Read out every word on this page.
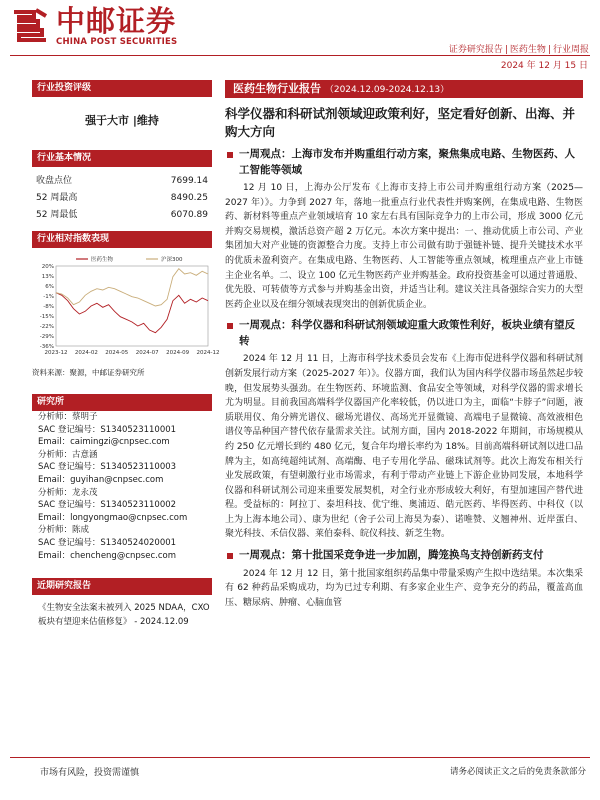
中邮证券
CHINA POST SECURITIES
证券研究报告 | 医药生物 | 行业周报
2024 年 12 月 15 日
行业投资评级
强于大市 |维持
行业基本情况
收盘点位	7699.14
52 周最高	8490.25
52 周最低	6070.89
行业相对指数表现
20%
13%
6%
-1%
-8%
-15%
-22%
-29%
-36%
2023-12 2024-02 2024-05 2024-07 2024-09 2024-12
医药生物	沪深300
资料来源：聚源，中邮证券研究所
研究所
分析师：蔡明子
SAC 登记编号：S1340523110001
Email：caimingzi@cnpsec.com
分析师：古意涵
SAC 登记编号：S1340523110003
Email：guyihan@cnpsec.com
分析师：龙永茂
SAC 登记编号：S1340523110002
Email：longyongmao@cnpsec.com
分析师：陈成
SAC 登记编号：S1340524020001
Email：chencheng@cnpsec.com
近期研究报告
《生物安全法案未被列入 2025 NDAA，CXO 板块有望迎来估值修复》 - 2024.12.09
医药生物行业报告 （2024.12.09-2024.12.13）
科学仪器和科研试剂领域迎政策利好，坚定看好创新、出海、并购大方向
一周观点：上海市发布并购重组行动方案，聚焦集成电路、生物医药、人工智能等领域
12 月 10 日，上海办公厅发布《上海市支持上市公司并购重组行动方案（2025—2027 年）》。力争到 2027 年，落地一批重点行业代表性并购案例，在集成电路、生物医药、新材料等重点产业领域培育 10 家左右具有国际竞争力的上市公司，形成 3000 亿元并购交易规模，激活总资产超 2 万亿元。本次方案中提出：一、推动优质上市公司、产业集团加大对产业链的资源整合力度。支持上市公司做有助于强链补链、提升关键技术水平的优质未盈利资产。在集成电路、生物医药、人工智能等重点领域，梳理重点产业上市链主企业名单。二、设立 100 亿元生物医药产业并购基金。政府投资基金可以通过普通股、优先股、可转债等方式参与并购基金出资，并适当让利。建议关注具备强综合实力的大型医药企业以及在细分领域表现突出的创新优质企业。
一周观点：科学仪器和科研试剂领域迎重大政策性利好，板块业绩有望反转
2024 年 12 月 11 日，上海市科学技术委员会发布《上海市促进科学仪器和科研试剂创新发展行动方案（2025-2027 年）》。仪器方面，我们认为国内科学仪器市场虽然起步较晚，但发展势头强劲。在生物医药、环境监测、食品安全等领域，对科学仪器的需求增长尤为明显。目前我国高端科学仪器国产化率较低，仍以进口为主，面临“卡脖子”问题，液质联用仪、角分辨光谱仪、磁场光谱仪、高场光开显微镜、高端电子显微镜、高效液相色谱仪等品种国产替代依存量需求关注。试剂方面，国内 2018-2022 年期间，市场规模从约 250 亿元增长到约 480 亿元，复合年均增长率约为 18%。目前高端科研试剂以进口品牌为主，如高纯超纯试剂、高端酶、电子专用化学品、磁珠试剂等。此次上海发布相关行业发展政策，有望刺激行业市场需求，有利于带动产业链上下游企业协同发展，本地科学仪器和科研试剂公司迎来重要发展契机，对全行业亦形成较大利好，有望加速国产替代进程。受益标的：阿拉丁、泰坦科技、优宁维、奥浦迈、皓元医药、毕得医药、中科仪（以上为上海本地公司）、康为世纪（舍子公司上海昊为泰）、诺唯赞、义翘神州、近岸蛋白、聚光科技、禾信仪器、莱伯泰科、皖仪科技、新芝生物。
一周观点：第十批国采竞争进一步加剧，腾笼换鸟支持创新药支付
2024 年 12 月 12 日，第十批国家组织药品集中带量采购产生拟中选结果。本次集采有 62 种药品采购成功，均为已过专利期、有多家企业生产、竞争充分的药品，覆盖高血压、糖尿病、肿瘤、心脑血管
市场有风险，投资需谨慎	请务必阅读正文之后的免责条款部分
